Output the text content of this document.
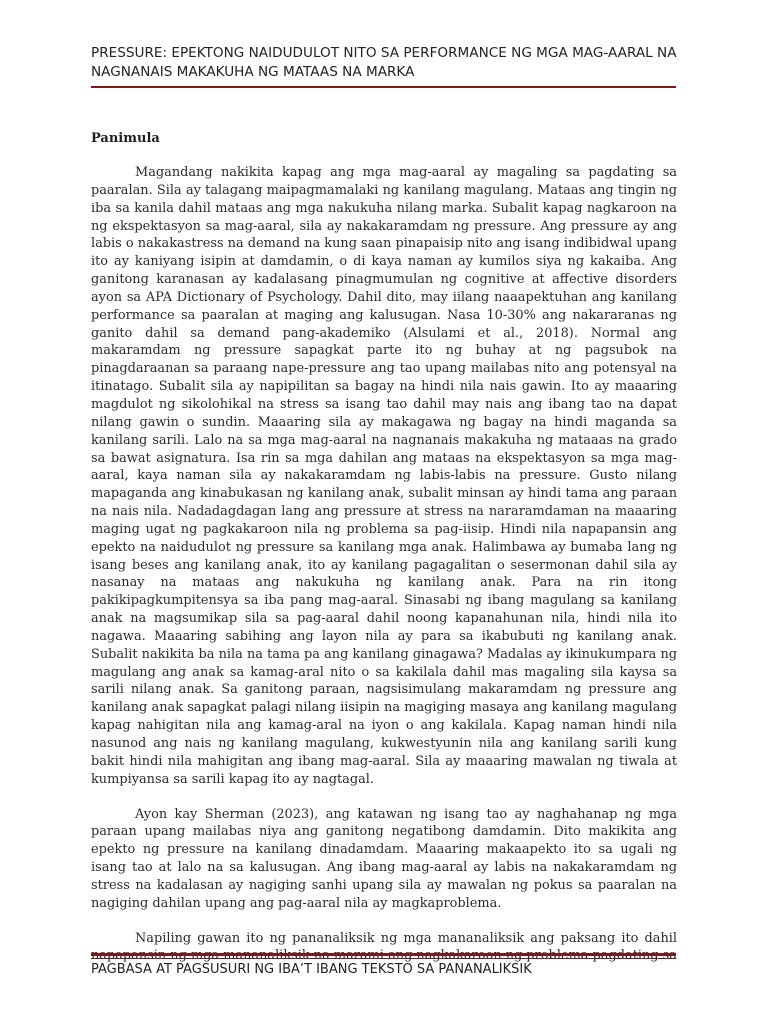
PRESSURE: EPEKTONG NAIDUDULOT NITO SA PERFORMANCE NG MGA MAG-AARAL NA NAGNANAIS MAKAKUHA NG MATAAS NA MARKA
Panimula

Magandang nakikita kapag ang mga mag-aaral ay magaling sa pagdating sa paaralan. Sila ay talagang maipagmamalaki ng kanilang magulang. Mataas ang tingin ng iba sa kanila dahil mataas ang mga nakukuha nilang marka. Subalit kapag nagkaroon na ng ekspektasyon sa mag-aaral, sila ay nakakaramdam ng pressure. Ang pressure ay ang labis o nakakastress na demand na kung saan pinapaisip nito ang isang indibidwal upang ito ay kaniyang isipin at damdamin, o di kaya naman ay kumilos siya ng kakaiba. Ang ganitong karanasan ay kadalasang pinagmumulan ng cognitive at affective disorders ayon sa APA Dictionary of Psychology. Dahil dito, may iilang naaapektuhan ang kanilang performance sa paaralan at maging ang kalusugan. Nasa 10-30% ang nakararanas ng ganito dahil sa demand pang-akademiko (Alsulami et al., 2018). Normal ang makaramdam ng pressure sapagkat parte ito ng buhay at ng pagsubok na pinagdaraanan sa paraang nape-pressure ang tao upang mailabas nito ang potensyal na itinatago. Subalit sila ay napipilitan sa bagay na hindi nila nais gawin. Ito ay maaaring magdulot ng sikolohikal na stress sa isang tao dahil may nais ang ibang tao na dapat nilang gawin o sundin. Maaaring sila ay makagawa ng bagay na hindi maganda sa kanilang sarili. Lalo na sa mga mag-aaral na nagnanais makakuha ng mataaas na grado sa bawat asignatura. Isa rin sa mga dahilan ang mataas na ekspektasyon sa mga mag-aaral, kaya naman sila ay nakakaramdam ng labis-labis na pressure. Gusto nilang mapaganda ang kinabukasan ng kanilang anak, subalit minsan ay hindi tama ang paraan na nais nila. Nadadagdagan lang ang pressure at stress na nararamdaman na maaaring maging ugat ng pagkakaroon nila ng problema sa pag-iisip. Hindi nila napapansin ang epekto na naidudulot ng pressure sa kanilang mga anak. Halimbawa ay bumaba lang ng isang beses ang kanilang anak, ito ay kanilang pagagalitan o sesermonan dahil sila ay nasanay na mataas ang nakukuha ng kanilang anak. Para na rin itong pakikipagkumpitensya sa iba pang mag-aaral. Sinasabi ng ibang magulang sa kanilang anak na magsumikap sila sa pag-aaral dahil noong kapanahunan nila, hindi nila ito nagawa. Maaaring sabihing ang layon nila ay para sa ikabubuti ng kanilang anak. Subalit nakikita ba nila na tama pa ang kanilang ginagawa? Madalas ay ikinukumpara ng magulang ang anak sa kamag-aral nito o sa kakilala dahil mas magaling sila kaysa sa sarili nilang anak. Sa ganitong paraan, nagsisimulang makaramdam ng pressure ang kanilang anak sapagkat palagi nilang iisipin na magiging masaya ang kanilang magulang kapag nahigitan nila ang kamag-aral na iyon o ang kakilala. Kapag naman hindi nila nasunod ang nais ng kanilang magulang, kukwestyunin nila ang kanilang sarili kung bakit hindi nila mahigitan ang ibang mag-aaral. Sila ay maaaring mawalan ng tiwala at kumpiyansa sa sarili kapag ito ay nagtagal.

Ayon kay Sherman (2023), ang katawan ng isang tao ay naghahanap ng mga paraan upang mailabas niya ang ganitong negatibong damdamin. Dito makikita ang epekto ng pressure na kanilang dinadamdam. Maaaring makaapekto ito sa ugali ng isang tao at lalo na sa kalusugan. Ang ibang mag-aaral ay labis na nakakaramdam ng stress na kadalasan ay nagiging sanhi upang sila ay mawalan ng pokus sa paaralan na nagiging dahilan upang ang pag-aaral nila ay magkaproblema.

Napiling gawan ito ng pananaliksik ng mga mananaliksik ang paksang ito dahil napapansin ng mga mananaliksik na marami ang nagkakaroon ng problema pagdating sa

PAGBASA AT PAGSUSURI NG IBA’T IBANG TEKSTO SA PANANALIKSIK
